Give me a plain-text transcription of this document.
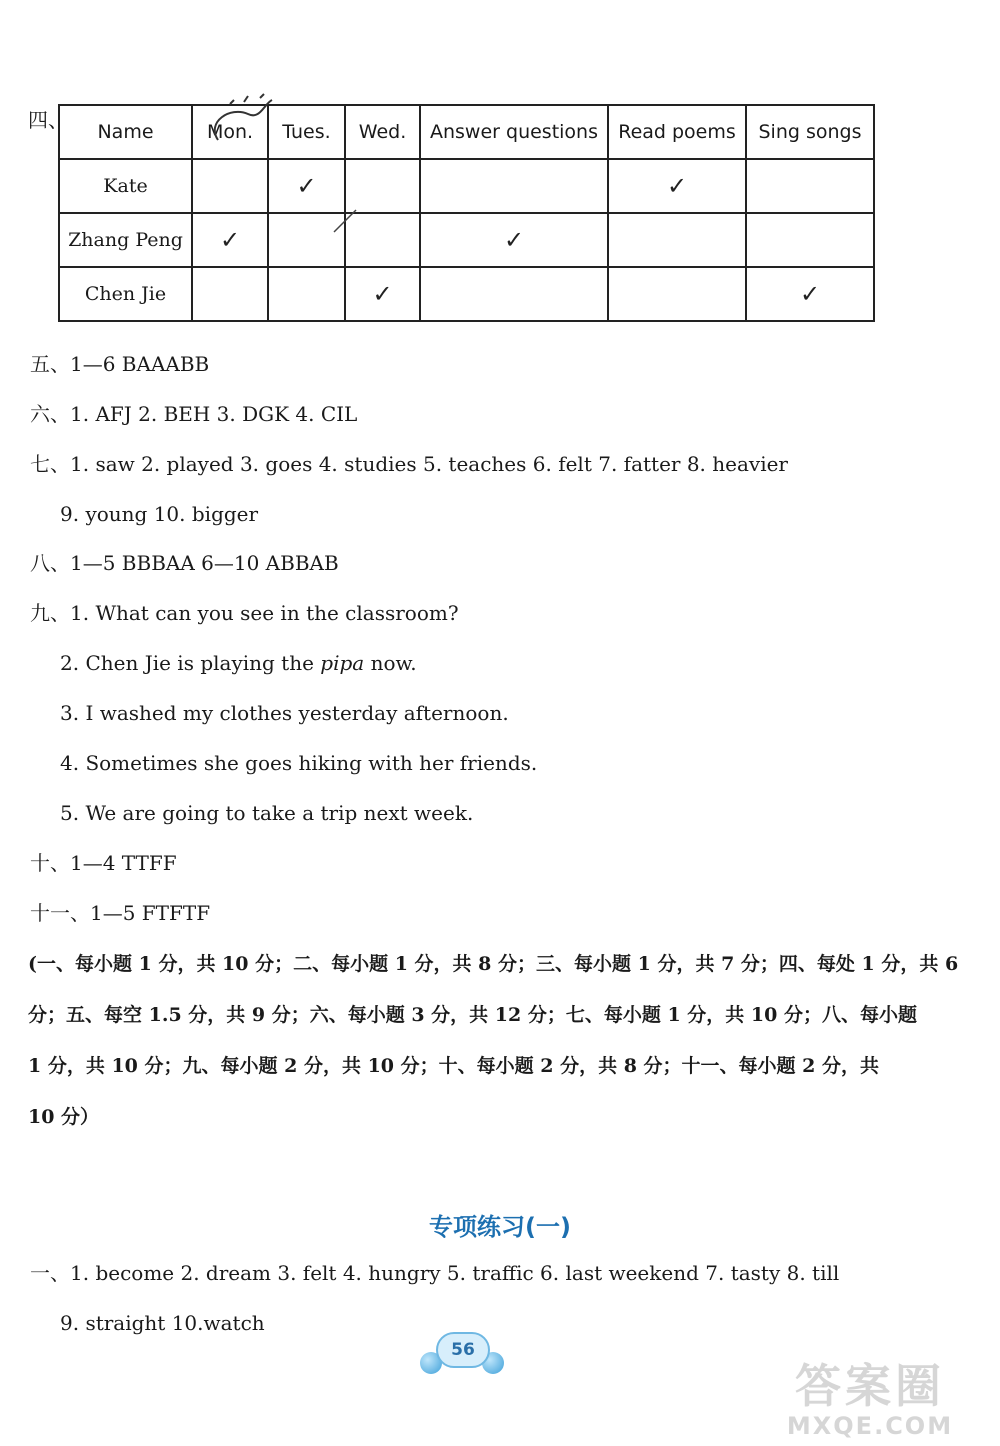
四、 Name	Mon.	Tues.	Wed.	Answer questions	Read poems	Sing songs
Kate		✓			✓	
Zhang Peng	✓			✓		
Chen Jie			✓			✓
五、1—6 BAAABB
六、1. AFJ 2. BEH 3. DGK 4. CIL
七、1. saw 2. played 3. goes 4. studies 5. teaches 6. felt 7. fatter 8. heavier
9. young 10. bigger
八、1—5 BBBAA 6—10 ABBAB
九、1. What can you see in the classroom?
2. Chen Jie is playing the pipa now.
3. I washed my clothes yesterday afternoon.
4. Sometimes she goes hiking with her friends.
5. We are going to take a trip next week.
十、1—4 TTFF
十一、1—5 FTFTF
(一、每小题 1 分，共 10 分；二、每小题 1 分，共 8 分；三、每小题 1 分，共 7 分；四、每处 1 分，共 6
分；五、每空 1.5 分，共 9 分；六、每小题 3 分，共 12 分；七、每小题 1 分，共 10 分；八、每小题
1 分，共 10 分；九、每小题 2 分，共 10 分；十、每小题 2 分，共 8 分；十一、每小题 2 分，共
10 分）
专项练习(一)
一、1. become 2. dream 3. felt 4. hungry 5. traffic 6. last weekend 7. tasty 8. till
9. straight 10.watch
56
答案圈
MXQE.COM
